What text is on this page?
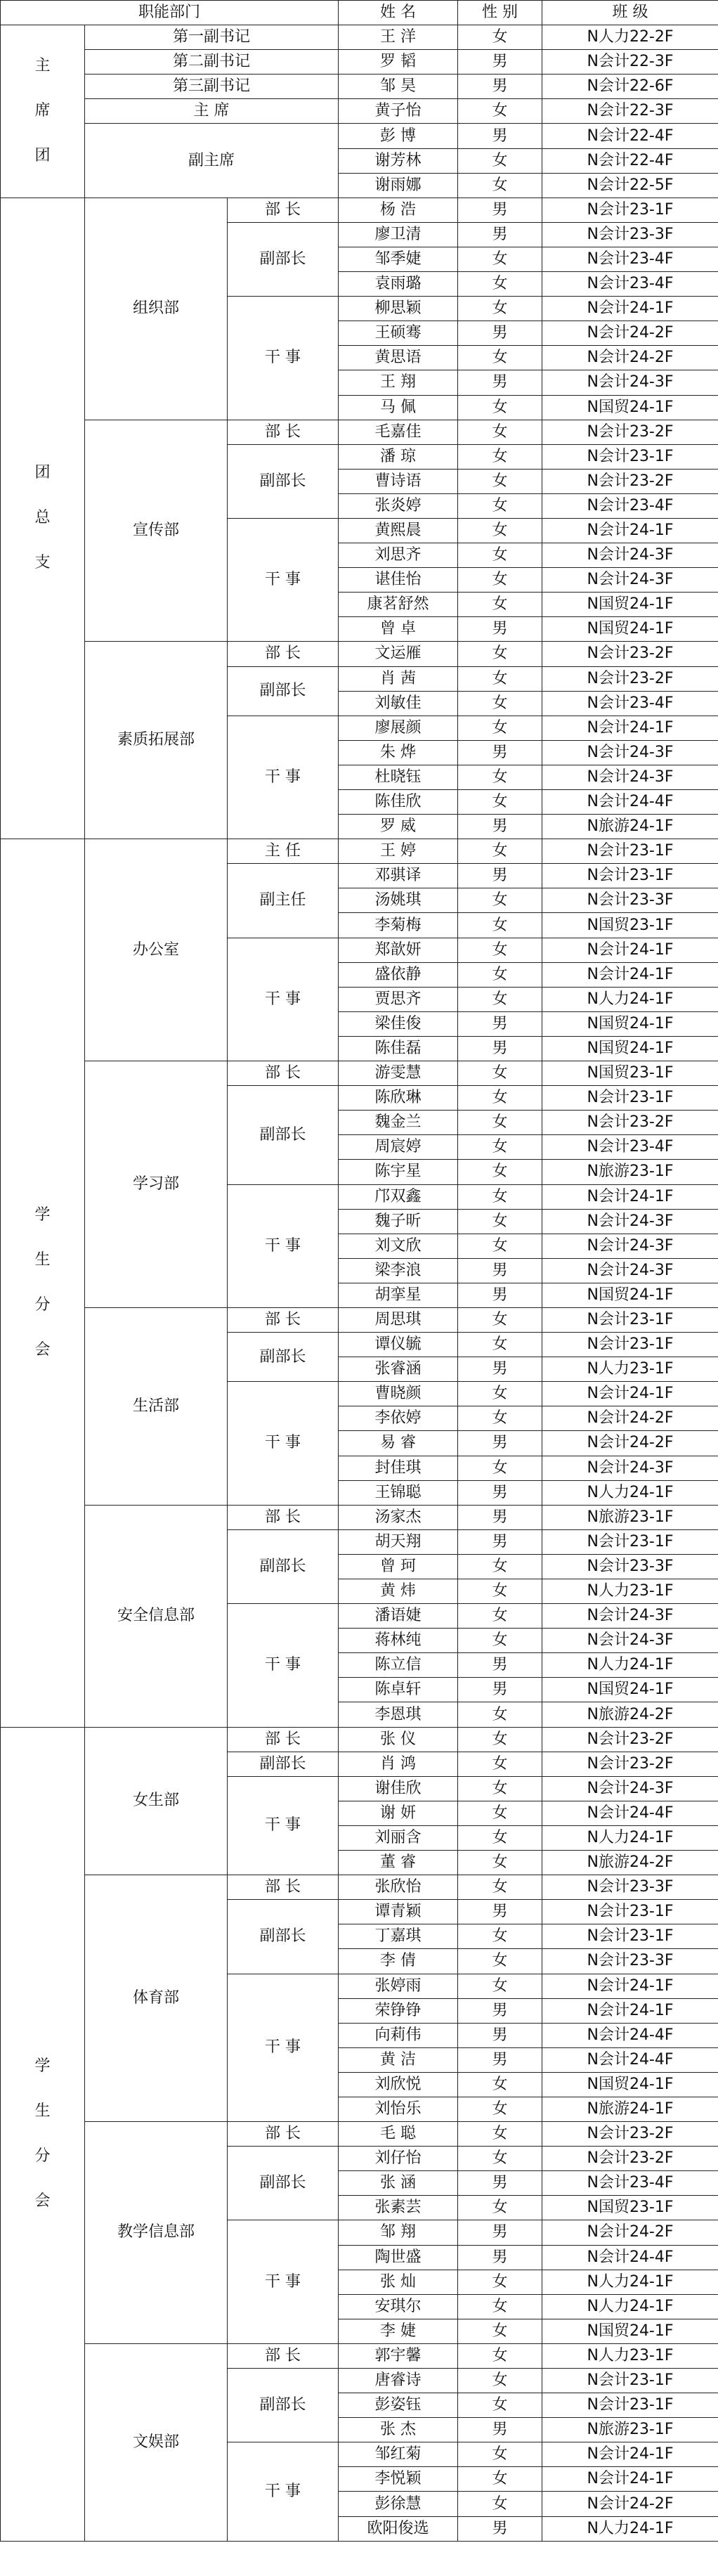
职能部门			姓 名	性 别	班 级

主
席
团	第一副书记		王 洋	女	N人力22-2F
	第二副书记		罗 韬	男	N会计22-3F
	第三副书记		邹 昊	男	N会计22-6F
	主 席		黄子怡	女	N会计22-3F
	副主席		彭 博	男	N会计22-4F
			谢芳林	女	N会计22-4F
			谢雨娜	女	N会计22-5F

团
总
支	组织部	部 长	杨 浩	男	N会计23-1F
		副部长	廖卫清	男	N会计23-3F
			邹季婕	女	N会计23-4F
			袁雨璐	女	N会计23-4F
		干 事	柳思颖	女	N会计24-1F
			王硕骞	男	N会计24-2F
			黄思语	女	N会计24-2F
			王 翔	男	N会计24-3F
			马 佩	女	N国贸24-1F
	宣传部	部 长	毛嘉佳	女	N会计23-2F
		副部长	潘 琼	女	N会计23-1F
			曹诗语	女	N会计23-2F
			张炎婷	女	N会计23-4F
		干 事	黄熙晨	女	N会计24-1F
			刘思齐	女	N会计24-3F
			谌佳怡	女	N会计24-3F
			康茗舒然	女	N国贸24-1F
			曾 卓	男	N国贸24-1F
	素质拓展部	部 长	文运雁	女	N会计23-2F
		副部长	肖 茜	女	N会计23-2F
			刘敏佳	女	N会计23-4F
		干 事	廖展颜	女	N会计24-1F
			朱 烨	男	N会计24-3F
			杜晓钰	女	N会计24-3F
			陈佳欣	女	N会计24-4F
			罗 威	男	N旅游24-1F

学
生
分
会	办公室	主 任	王 婷	女	N会计23-1F
		副主任	邓骐译	男	N会计23-1F
			汤姚琪	女	N会计23-3F
			李菊梅	女	N国贸23-1F
		干 事	郑歆妍	女	N会计24-1F
			盛依静	女	N会计24-1F
			贾思齐	女	N人力24-1F
			梁佳俊	男	N国贸24-1F
			陈佳磊	男	N国贸24-1F
	学习部	部 长	游雯慧	女	N国贸23-1F
		副部长	陈欣琳	女	N会计23-1F
			魏金兰	女	N会计23-2F
			周宸婷	女	N会计23-4F
			陈宇星	女	N旅游23-1F
		干 事	邝双鑫	女	N会计24-1F
			魏子昕	女	N会计24-3F
			刘文欣	女	N会计24-3F
			梁李浪	男	N会计24-3F
			胡挛星	男	N国贸24-1F
	生活部	部 长	周思琪	女	N会计23-1F
		副部长	谭仪毓	女	N会计23-1F
			张睿涵	男	N人力23-1F
		干 事	曹晓颜	女	N会计24-1F
			李依婷	女	N会计24-2F
			易 睿	男	N会计24-2F
			封佳琪	女	N会计24-3F
			王锦聪	男	N人力24-1F
	安全信息部	部 长	汤家杰	男	N旅游23-1F
		副部长	胡天翔	男	N会计23-1F
			曾 珂	女	N会计23-3F
			黄 炜	女	N人力23-1F
		干 事	潘语婕	女	N会计24-3F
			蒋林纯	女	N会计24-3F
			陈立信	男	N人力24-1F
			陈卓轩	男	N国贸24-1F
			李恩琪	女	N旅游24-2F

学
生
分
会	女生部	部 长	张 仪	女	N会计23-2F
		副部长	肖 鸿	女	N会计23-2F
		干 事	谢佳欣	女	N会计24-3F
			谢 妍	女	N会计24-4F
			刘丽含	女	N人力24-1F
			董 睿	女	N旅游24-2F
	体育部	部 长	张欣怡	女	N会计23-3F
		副部长	谭青颖	男	N会计23-1F
			丁嘉琪	女	N会计23-1F
			李 倩	女	N会计23-3F
		干 事	张婷雨	女	N会计24-1F
			荣铮铮	男	N会计24-1F
			向莉伟	男	N会计24-4F
			黄 洁	男	N会计24-4F
			刘欣悦	女	N国贸24-1F
			刘怡乐	女	N旅游24-1F
	教学信息部	部 长	毛 聪	女	N会计23-2F
		副部长	刘仔怡	女	N会计23-2F
			张 涵	男	N会计23-4F
			张素芸	女	N国贸23-1F
		干 事	邹 翔	男	N会计24-2F
			陶世盛	男	N会计24-4F
			张 灿	女	N人力24-1F
			安琪尔	女	N人力24-1F
			李 婕	女	N国贸24-1F
	文娱部	部 长	郭宇馨	女	N人力23-1F
		副部长	唐睿诗	女	N会计23-1F
			彭姿钰	女	N会计23-1F
			张 杰	男	N旅游23-1F
		干 事	邹红菊	女	N会计24-1F
			李悦颖	女	N会计24-1F
			彭徐慧	女	N会计24-2F
			欧阳俊选	男	N人力24-1F
